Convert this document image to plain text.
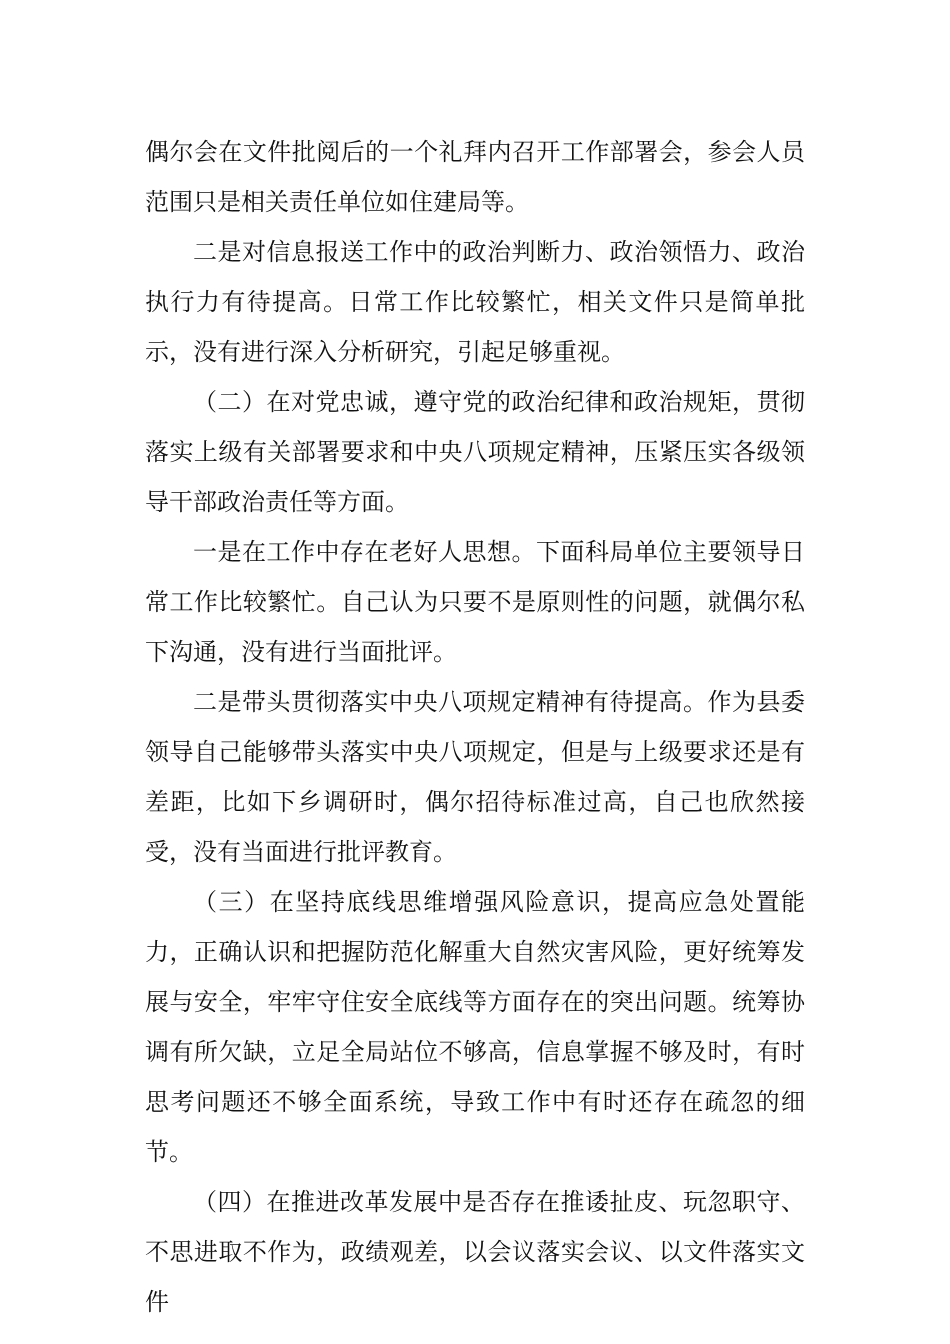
偶尔会在文件批阅后的一个礼拜内召开工作部署会，参会人员范围只是相关责任单位如住建局等。

二是对信息报送工作中的政治判断力、政治领悟力、政治执行力有待提高。日常工作比较繁忙，相关文件只是简单批示，没有进行深入分析研究，引起足够重视。

（二）在对党忠诚，遵守党的政治纪律和政治规矩，贯彻落实上级有关部署要求和中央八项规定精神，压紧压实各级领导干部政治责任等方面。

一是在工作中存在老好人思想。下面科局单位主要领导日常工作比较繁忙。自己认为只要不是原则性的问题，就偶尔私下沟通，没有进行当面批评。

二是带头贯彻落实中央八项规定精神有待提高。作为县委领导自己能够带头落实中央八项规定，但是与上级要求还是有差距，比如下乡调研时，偶尔招待标准过高，自己也欣然接受，没有当面进行批评教育。

（三）在坚持底线思维增强风险意识，提高应急处置能力，正确认识和把握防范化解重大自然灾害风险，更好统筹发展与安全，牢牢守住安全底线等方面存在的突出问题。统筹协调有所欠缺，立足全局站位不够高，信息掌握不够及时，有时思考问题还不够全面系统，导致工作中有时还存在疏忽的细节。

（四）在推进改革发展中是否存在推诿扯皮、玩忽职守、不思进取不作为，政绩观差，以会议落实会议、以文件落实文件
